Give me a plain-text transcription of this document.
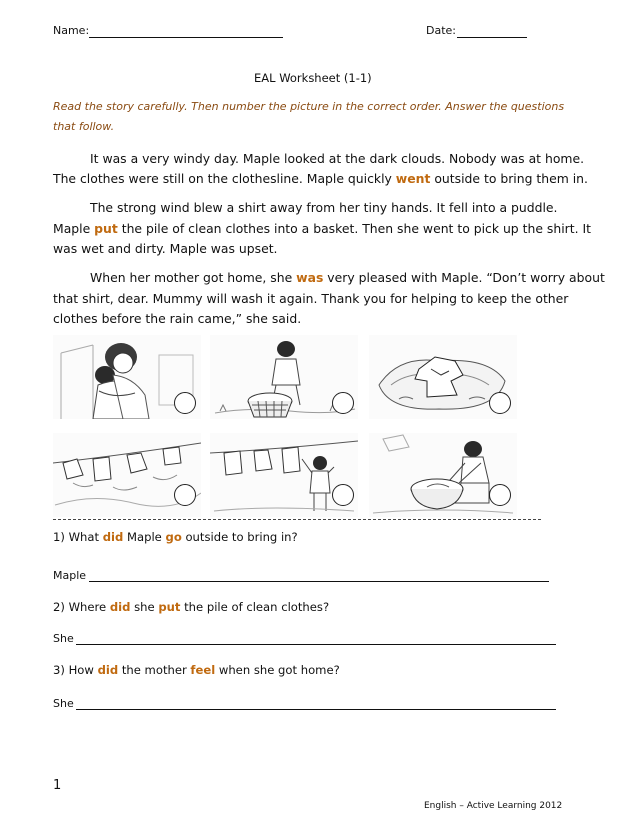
Name:	Date:
EAL Worksheet (1-1)
Read the story carefully. Then number the picture in the correct order. Answer the questions
that follow.
It was a very windy day. Maple looked at the dark clouds. Nobody was at home.
The clothes were still on the clothesline. Maple quickly went outside to bring them in.
The strong wind blew a shirt away from her tiny hands. It fell into a puddle.
Maple put the pile of clean clothes into a basket. Then she went to pick up the shirt. It
was wet and dirty. Maple was upset.
When her mother got home, she was very pleased with Maple. “Don’t worry about
that shirt, dear. Mummy will wash it again. Thank you for helping to keep the other
clothes before the rain came,” she said.
1) What did Maple go outside to bring in?
Maple
2) Where did she put the pile of clean clothes?
She
3) How did the mother feel when she got home?
She
1
English – Active Learning 2012
